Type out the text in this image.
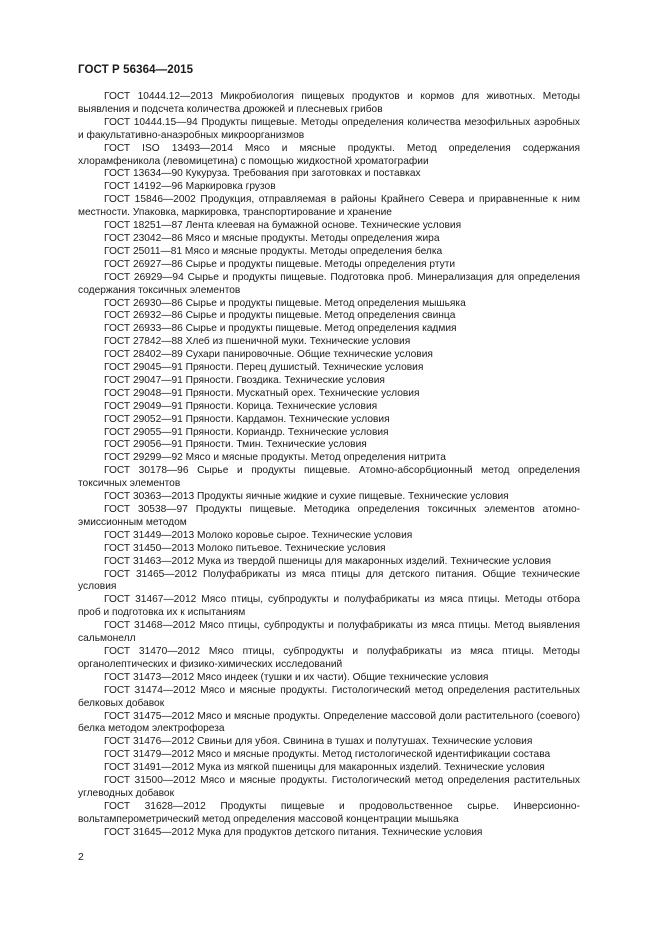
ГОСТ Р 56364—2015

ГОСТ 10444.12—2013 Микробиология пищевых продуктов и кормов для животных. Методы выявления и подсчета количества дрожжей и плесневых грибов

ГОСТ 10444.15—94 Продукты пищевые. Методы определения количества мезофильных аэробных и факультативно-анаэробных микроорганизмов

ГОСТ ISO 13493—2014 Мясо и мясные продукты. Метод определения содержания хлорамфеникола (левомицетина) с помощью жидкостной хроматографии

ГОСТ 13634—90 Кукуруза. Требования при заготовках и поставках

ГОСТ 14192—96 Маркировка грузов

ГОСТ 15846—2002 Продукция, отправляемая в районы Крайнего Севера и приравненные к ним местности. Упаковка, маркировка, транспортирование и хранение

ГОСТ 18251—87 Лента клеевая на бумажной основе. Технические условия

ГОСТ 23042—86 Мясо и мясные продукты. Методы определения жира

ГОСТ 25011—81 Мясо и мясные продукты. Методы определения белка

ГОСТ 26927—86 Сырье и продукты пищевые. Методы определения ртути

ГОСТ 26929—94 Сырье и продукты пищевые. Подготовка проб. Минерализация для определения содержания токсичных элементов

ГОСТ 26930—86 Сырье и продукты пищевые. Метод определения мышьяка

ГОСТ 26932—86 Сырье и продукты пищевые. Метод определения свинца

ГОСТ 26933—86 Сырье и продукты пищевые. Метод определения кадмия

ГОСТ 27842—88 Хлеб из пшеничной муки. Технические условия

ГОСТ 28402—89 Сухари панировочные. Общие технические условия

ГОСТ 29045—91 Пряности. Перец душистый. Технические условия

ГОСТ 29047—91 Пряности. Гвоздика. Технические условия

ГОСТ 29048—91 Пряности. Мускатный орех. Технические условия

ГОСТ 29049—91 Пряности. Корица. Технические условия

ГОСТ 29052—91 Пряности. Кардамон. Технические условия

ГОСТ 29055—91 Пряности. Кориандр. Технические условия

ГОСТ 29056—91 Пряности. Тмин. Технические условия

ГОСТ 29299—92 Мясо и мясные продукты. Метод определения нитрита

ГОСТ 30178—96 Сырье и продукты пищевые. Атомно-абсорбционный метод определения токсичных элементов

ГОСТ 30363—2013 Продукты яичные жидкие и сухие пищевые. Технические условия

ГОСТ 30538—97 Продукты пищевые. Методика определения токсичных элементов атомно-эмиссионным методом

ГОСТ 31449—2013 Молоко коровье сырое. Технические условия

ГОСТ 31450—2013 Молоко питьевое. Технические условия

ГОСТ 31463—2012 Мука из твердой пшеницы для макаронных изделий. Технические условия

ГОСТ 31465—2012 Полуфабрикаты из мяса птицы для детского питания. Общие технические условия

ГОСТ 31467—2012 Мясо птицы, субпродукты и полуфабрикаты из мяса птицы. Методы отбора проб и подготовка их к испытаниям

ГОСТ 31468—2012 Мясо птицы, субпродукты и полуфабрикаты из мяса птицы. Метод выявления сальмонелл

ГОСТ 31470—2012 Мясо птицы, субпродукты и полуфабрикаты из мяса птицы. Методы органолептических и физико-химических исследований

ГОСТ 31473—2012 Мясо индеек (тушки и их части). Общие технические условия

ГОСТ 31474—2012 Мясо и мясные продукты. Гистологический метод определения растительных белковых добавок

ГОСТ 31475—2012 Мясо и мясные продукты. Определение массовой доли растительного (соевого) белка методом электрофореза

ГОСТ 31476—2012 Свиньи для убоя. Свинина в тушах и полутушах. Технические условия

ГОСТ 31479—2012 Мясо и мясные продукты. Метод гистологической идентификации состава

ГОСТ 31491—2012 Мука из мягкой пшеницы для макаронных изделий. Технические условия

ГОСТ 31500—2012 Мясо и мясные продукты. Гистологический метод определения растительных углеводных добавок

ГОСТ 31628—2012 Продукты пищевые и продовольственное сырье. Инверсионно-вольтамперометрический метод определения массовой концентрации мышьяка

ГОСТ 31645—2012 Мука для продуктов детского питания. Технические условия

2
